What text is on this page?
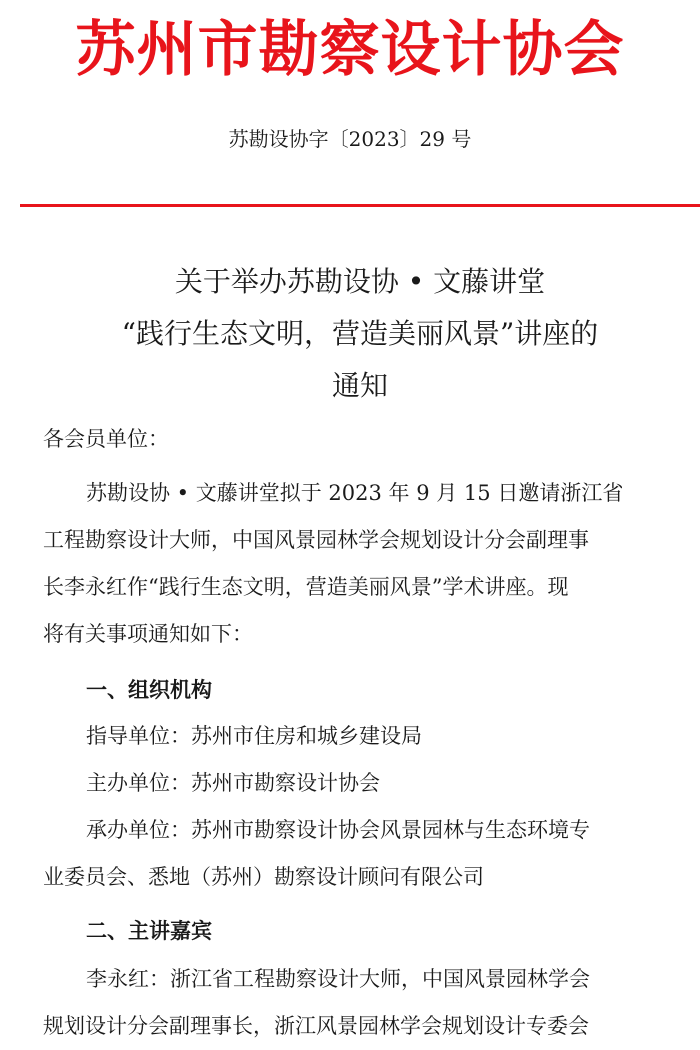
苏州市勘察设计协会
苏勘设协字〔2023〕29 号
关于举办苏勘设协 • 文藤讲堂
“践行生态文明，营造美丽风景”讲座的
通知
各会员单位：
苏勘设协 • 文藤讲堂拟于 2023 年 9 月 15 日邀请浙江省
工程勘察设计大师，中国风景园林学会规划设计分会副理事
长李永红作“践行生态文明，营造美丽风景”学术讲座。现
将有关事项通知如下：
一、组织机构
指导单位：苏州市住房和城乡建设局
主办单位：苏州市勘察设计协会
承办单位：苏州市勘察设计协会风景园林与生态环境专
业委员会、悉地（苏州）勘察设计顾问有限公司
二、主讲嘉宾
李永红：浙江省工程勘察设计大师，中国风景园林学会
规划设计分会副理事长，浙江风景园林学会规划设计专委会
